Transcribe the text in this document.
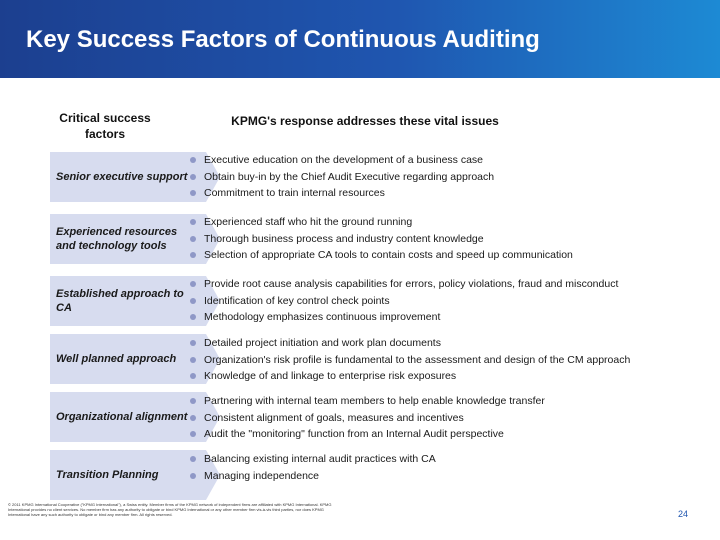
Key Success Factors of Continuous Auditing
Critical success factors
KPMG's response addresses these vital issues
Senior executive support
Executive education on the development of a business case
Obtain buy-in by the Chief Audit Executive regarding approach
Commitment to train internal resources
Experienced resources and technology tools
Experienced staff who hit the ground running
Thorough business process and industry content knowledge
Selection of appropriate CA tools to contain costs and speed up communication
Established approach to CA
Provide root cause analysis capabilities for errors, policy violations, fraud and misconduct
Identification of key control check points
Methodology emphasizes continuous improvement
Well planned approach
Detailed project initiation and work plan documents
Organization's risk profile is fundamental to the assessment and design of the CM approach
Knowledge of and linkage to enterprise risk exposures
Organizational alignment
Partnering with internal team members to help enable knowledge transfer
Consistent alignment of goals, measures and incentives
Audit the "monitoring" function from an Internal Audit perspective
Transition Planning
Balancing existing internal audit practices with CA
Managing independence
© 2011 KPMG International Cooperative ("KPMG International"), a Swiss entity. Member firms of the KPMG network of independent firms are affiliated with KPMG International. KPMG International provides no client services. No member firm has any authority to obligate or bind KPMG International or any other member firm vis-à-vis third parties, nor does KPMG International have any such authority to obligate or bind any member firm. All rights reserved.	24
